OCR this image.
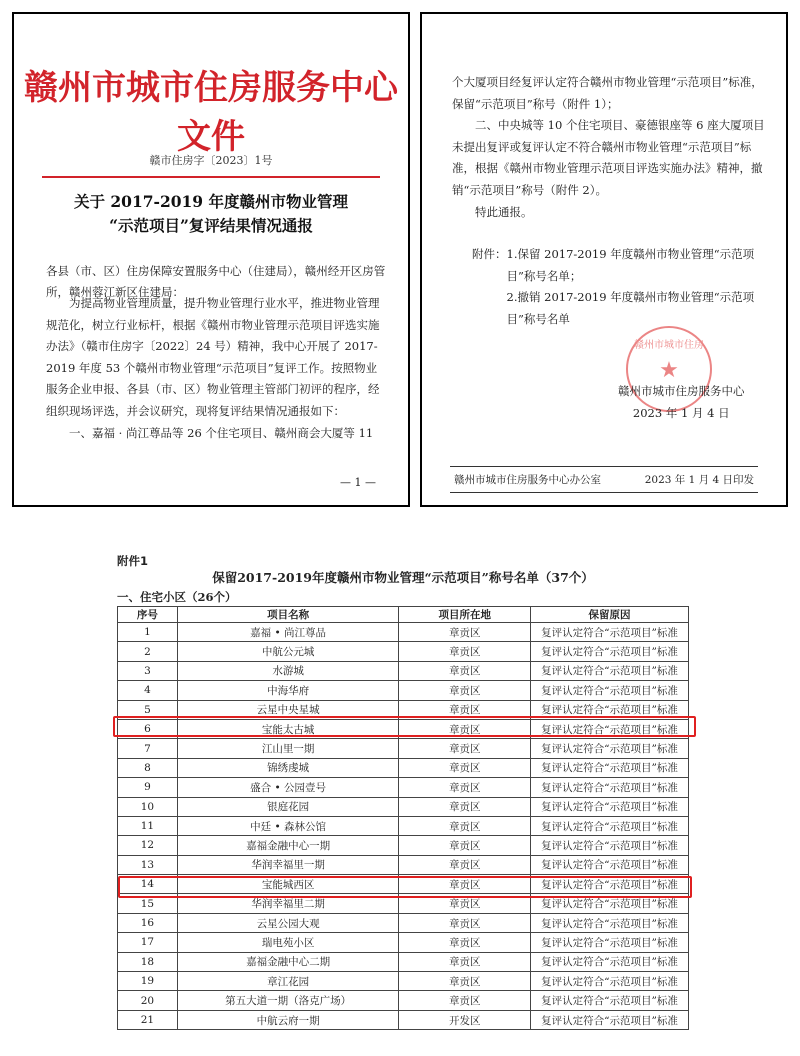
赣州市城市住房服务中心文件
赣市住房字〔2023〕1号
关于 2017-2019 年度赣州市物业管理
“示范项目”复评结果情况通报

各县（市、区）住房保障安置服务中心（住建局），赣州经开区房管所，赣州蓉江新区住建局：

为提高物业管理质量，提升物业管理行业水平，推进物业管理规范化，树立行业标杆，根据《赣州市物业管理示范项目评选实施办法》（赣市住房字〔2022〕24 号）精神，我中心开展了 2017-2019 年度 53 个赣州市物业管理“示范项目”复评工作。按照物业服务企业申报、各县（市、区）物业管理主管部门初评的程序，经组织现场评选，并会议研究，现将复评结果情况通报如下：

一、嘉福 · 尚江尊品等 26 个住宅项目、赣州商会大厦等 11

— 1 —

个大厦项目经复评认定符合赣州市物业管理“示范项目”标准，保留“示范项目”称号（附件 1）；

二、中央城等 10 个住宅项目、豪德银座等 6 座大厦项目未提出复评或复评认定不符合赣州市物业管理“示范项目”标准，根据《赣州市物业管理示范项目评选实施办法》精神，撤销“示范项目”称号（附件 2）。

特此通报。

附件： 1.保留 2017-2019 年度赣州市物业管理“示范项目”称号名单；
2.撤销 2017-2019 年度赣州市物业管理“示范项目”称号名单
赣州市城市住房
★
赣州市城市住房服务中心
2023 年 1 月 4 日
赣州市城市住房服务中心办公室	2023 年 1 月 4 日印发
附件1
保留2017-2019年度赣州市物业管理“示范项目”称号名单（37个）
一、住宅小区（26个）
序号	项目名称	项目所在地	保留原因
1	嘉福 • 尚江尊品	章贡区	复评认定符合“示范项目”标准
2	中航公元城	章贡区	复评认定符合“示范项目”标准
3	水游城	章贡区	复评认定符合“示范项目”标准
4	中海华府	章贡区	复评认定符合“示范项目”标准
5	云星中央星城	章贡区	复评认定符合“示范项目”标准
6	宝能太古城	章贡区	复评认定符合“示范项目”标准
7	江山里一期	章贡区	复评认定符合“示范项目”标准
8	锦绣虔城	章贡区	复评认定符合“示范项目”标准
9	盛合 • 公园壹号	章贡区	复评认定符合“示范项目”标准
10	银庭花园	章贡区	复评认定符合“示范项目”标准
11	中廷 • 森林公馆	章贡区	复评认定符合“示范项目”标准
12	嘉福金融中心一期	章贡区	复评认定符合“示范项目”标准
13	华润幸福里一期	章贡区	复评认定符合“示范项目”标准
14	宝能城西区	章贡区	复评认定符合“示范项目”标准
15	华润幸福里二期	章贡区	复评认定符合“示范项目”标准
16	云星公园大观	章贡区	复评认定符合“示范项目”标准
17	瑞电苑小区	章贡区	复评认定符合“示范项目”标准
18	嘉福金融中心二期	章贡区	复评认定符合“示范项目”标准
19	章江花园	章贡区	复评认定符合“示范项目”标准
20	第五大道一期（洛克广场）	章贡区	复评认定符合“示范项目”标准
21	中航云府一期	开发区	复评认定符合“示范项目”标准
